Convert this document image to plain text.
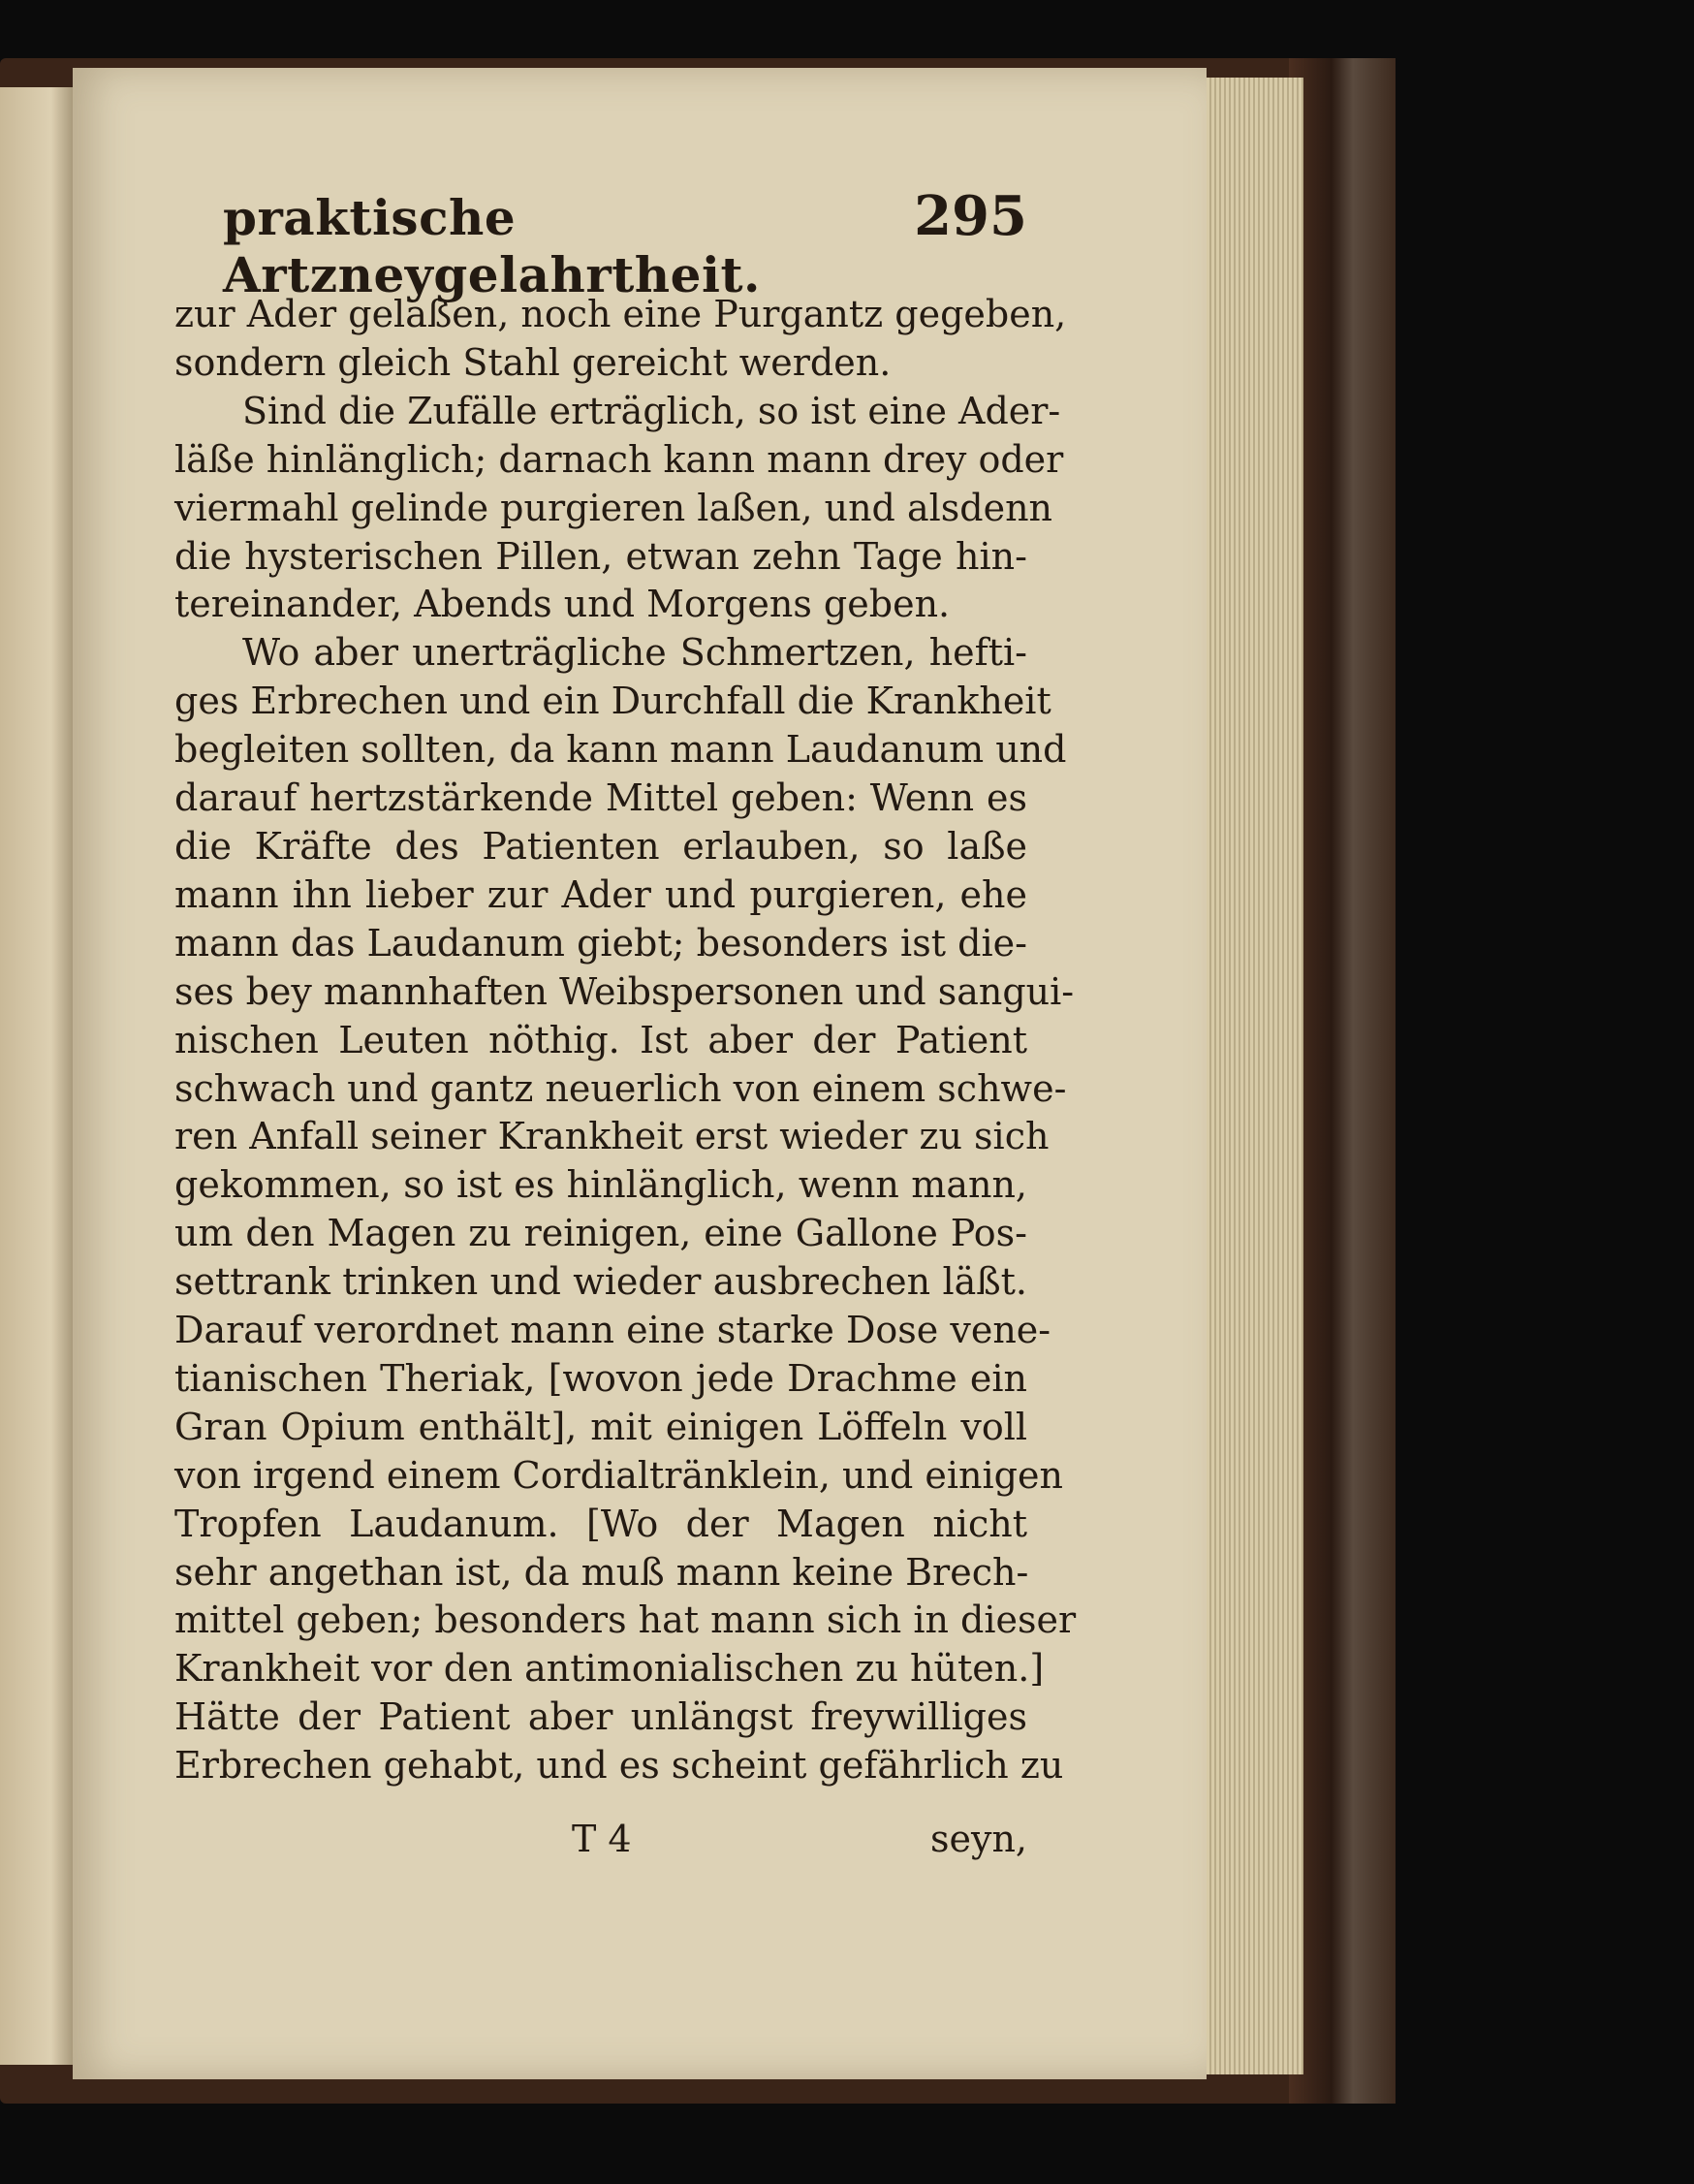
praktische Artzneygelahrtheit.
295
zur Ader gelaßen, noch eine Purgantz gegeben,
sondern gleich Stahl gereicht werden.
Sind die Zufälle erträglich, so ist eine Ader-
läße hinlänglich; darnach kann mann drey oder
viermahl gelinde purgieren laßen, und alsdenn
die hysterischen Pillen, etwan zehn Tage hin-
tereinander, Abends und Morgens geben.
Wo aber unerträgliche Schmertzen, hefti-
ges Erbrechen und ein Durchfall die Krankheit
begleiten sollten, da kann mann Laudanum und
darauf hertzstärkende Mittel geben: Wenn es
die Kräfte des Patienten erlauben, so laße
mann ihn lieber zur Ader und purgieren, ehe
mann das Laudanum giebt; besonders ist die-
ses bey mannhaften Weibspersonen und sangui-
nischen Leuten nöthig. Ist aber der Patient
schwach und gantz neuerlich von einem schwe-
ren Anfall seiner Krankheit erst wieder zu sich
gekommen, so ist es hinlänglich, wenn mann,
um den Magen zu reinigen, eine Gallone Pos-
settrank trinken und wieder ausbrechen läßt.
Darauf verordnet mann eine starke Dose vene-
tianischen Theriak, [wovon jede Drachme ein
Gran Opium enthält], mit einigen Löffeln voll
von irgend einem Cordialtränklein, und einigen
Tropfen Laudanum. [Wo der Magen nicht
sehr angethan ist, da muß mann keine Brech-
mittel geben; besonders hat mann sich in dieser
Krankheit vor den antimonialischen zu hüten.]
Hätte der Patient aber unlängst freywilliges
Erbrechen gehabt, und es scheint gefährlich zu
T 4	seyn,
